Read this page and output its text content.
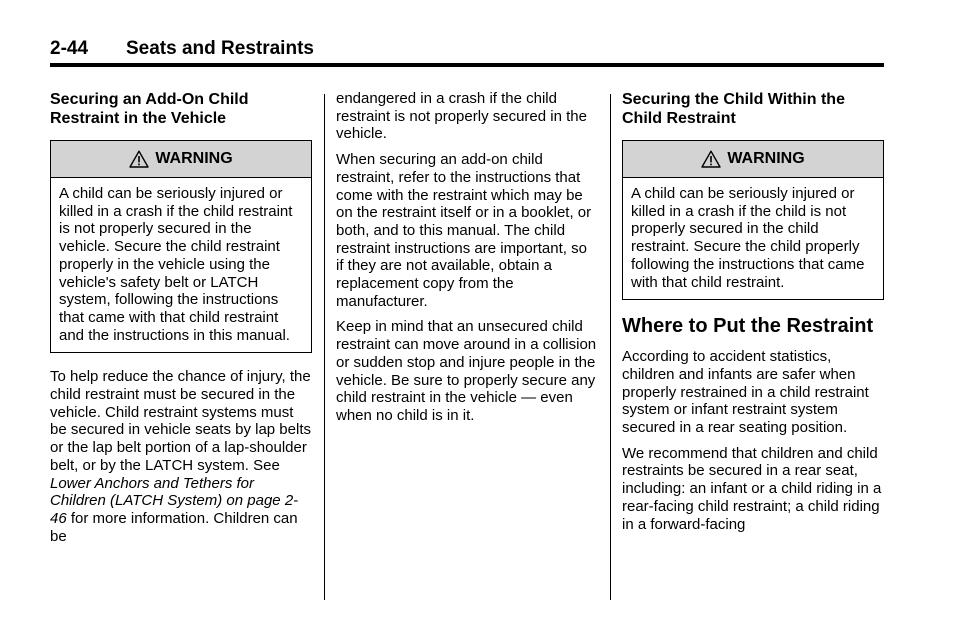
2-44 Seats and Restraints
Securing an Add-On Child Restraint in the Vehicle
WARNING
A child can be seriously injured or killed in a crash if the child restraint is not properly secured in the vehicle. Secure the child restraint properly in the vehicle using the vehicle's safety belt or LATCH system, following the instructions that came with that child restraint and the instructions in this manual.

To help reduce the chance of injury, the child restraint must be secured in the vehicle. Child restraint systems must be secured in vehicle seats by lap belts or the lap belt portion of a lap-shoulder belt, or by the LATCH system. See Lower Anchors and Tethers for Children (LATCH System) on page 2-46 for more information. Children can be

endangered in a crash if the child restraint is not properly secured in the vehicle.

When securing an add-on child restraint, refer to the instructions that come with the restraint which may be on the restraint itself or in a booklet, or both, and to this manual. The child restraint instructions are important, so if they are not available, obtain a replacement copy from the manufacturer.

Keep in mind that an unsecured child restraint can move around in a collision or sudden stop and injure people in the vehicle. Be sure to properly secure any child restraint in the vehicle — even when no child is in it.

Securing the Child Within the Child Restraint
WARNING
A child can be seriously injured or killed in a crash if the child is not properly secured in the child restraint. Secure the child properly following the instructions that came with that child restraint.
Where to Put the Restraint

According to accident statistics, children and infants are safer when properly restrained in a child restraint system or infant restraint system secured in a rear seating position.

We recommend that children and child restraints be secured in a rear seat, including: an infant or a child riding in a rear-facing child restraint; a child riding in a forward-facing
